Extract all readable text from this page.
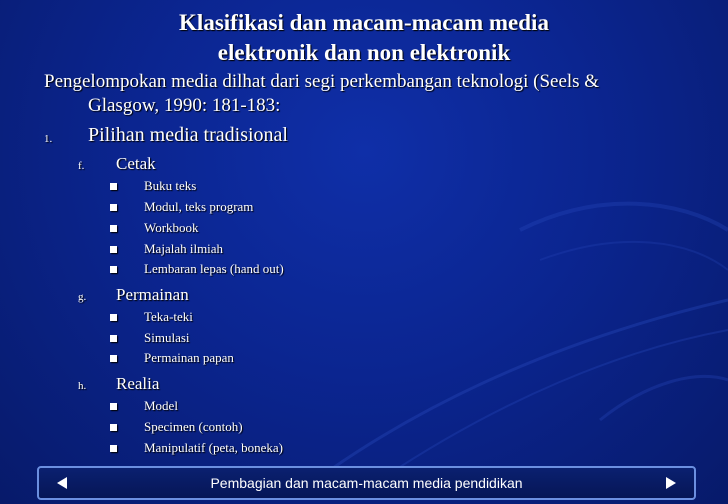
Klasifikasi dan macam-macam media
elektronik dan non elektronik
Pengelompokan media dilhat dari segi perkembangan teknologi (Seels &
Glasgow, 1990: 181-183:
1. Pilihan media tradisional
f. Cetak
Buku teks
Modul, teks program
Workbook
Majalah ilmiah
Lembaran lepas (hand out)
g. Permainan
Teka-teki
Simulasi
Permainan papan
h. Realia
Model
Specimen (contoh)
Manipulatif (peta, boneka)
Pembagian dan macam-macam media pendidikan
